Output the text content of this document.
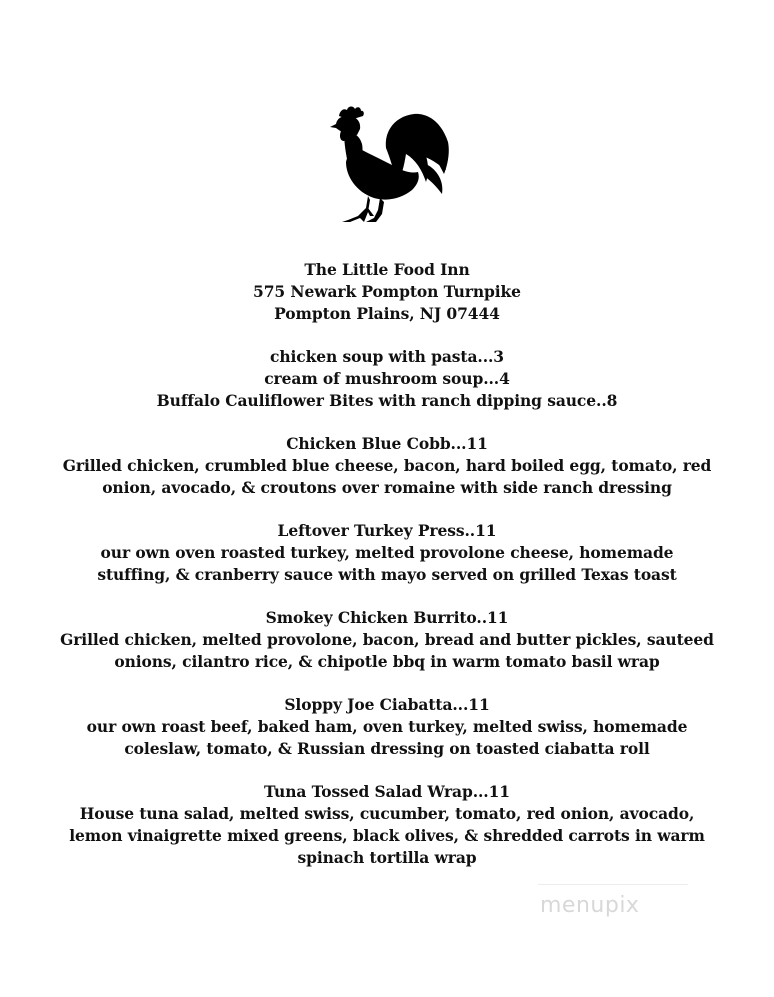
The Little Food Inn
575 Newark Pompton Turnpike
Pompton Plains, NJ 07444
chicken soup with pasta...3
cream of mushroom soup...4
Buffalo Cauliflower Bites with ranch dipping sauce..8
Chicken Blue Cobb...11
Grilled chicken, crumbled blue cheese, bacon, hard boiled egg, tomato, red
onion, avocado, & croutons over romaine with side ranch dressing
Leftover Turkey Press..11
our own oven roasted turkey, melted provolone cheese, homemade
stuffing, & cranberry sauce with mayo served on grilled Texas toast
Smokey Chicken Burrito..11
Grilled chicken, melted provolone, bacon, bread and butter pickles, sauteed
onions, cilantro rice, & chipotle bbq in warm tomato basil wrap
Sloppy Joe Ciabatta...11
our own roast beef, baked ham, oven turkey, melted swiss, homemade
coleslaw, tomato, & Russian dressing on toasted ciabatta roll
Tuna Tossed Salad Wrap...11
House tuna salad, melted swiss, cucumber, tomato, red onion, avocado,
lemon vinaigrette mixed greens, black olives, & shredded carrots in warm
spinach tortilla wrap
menupix
